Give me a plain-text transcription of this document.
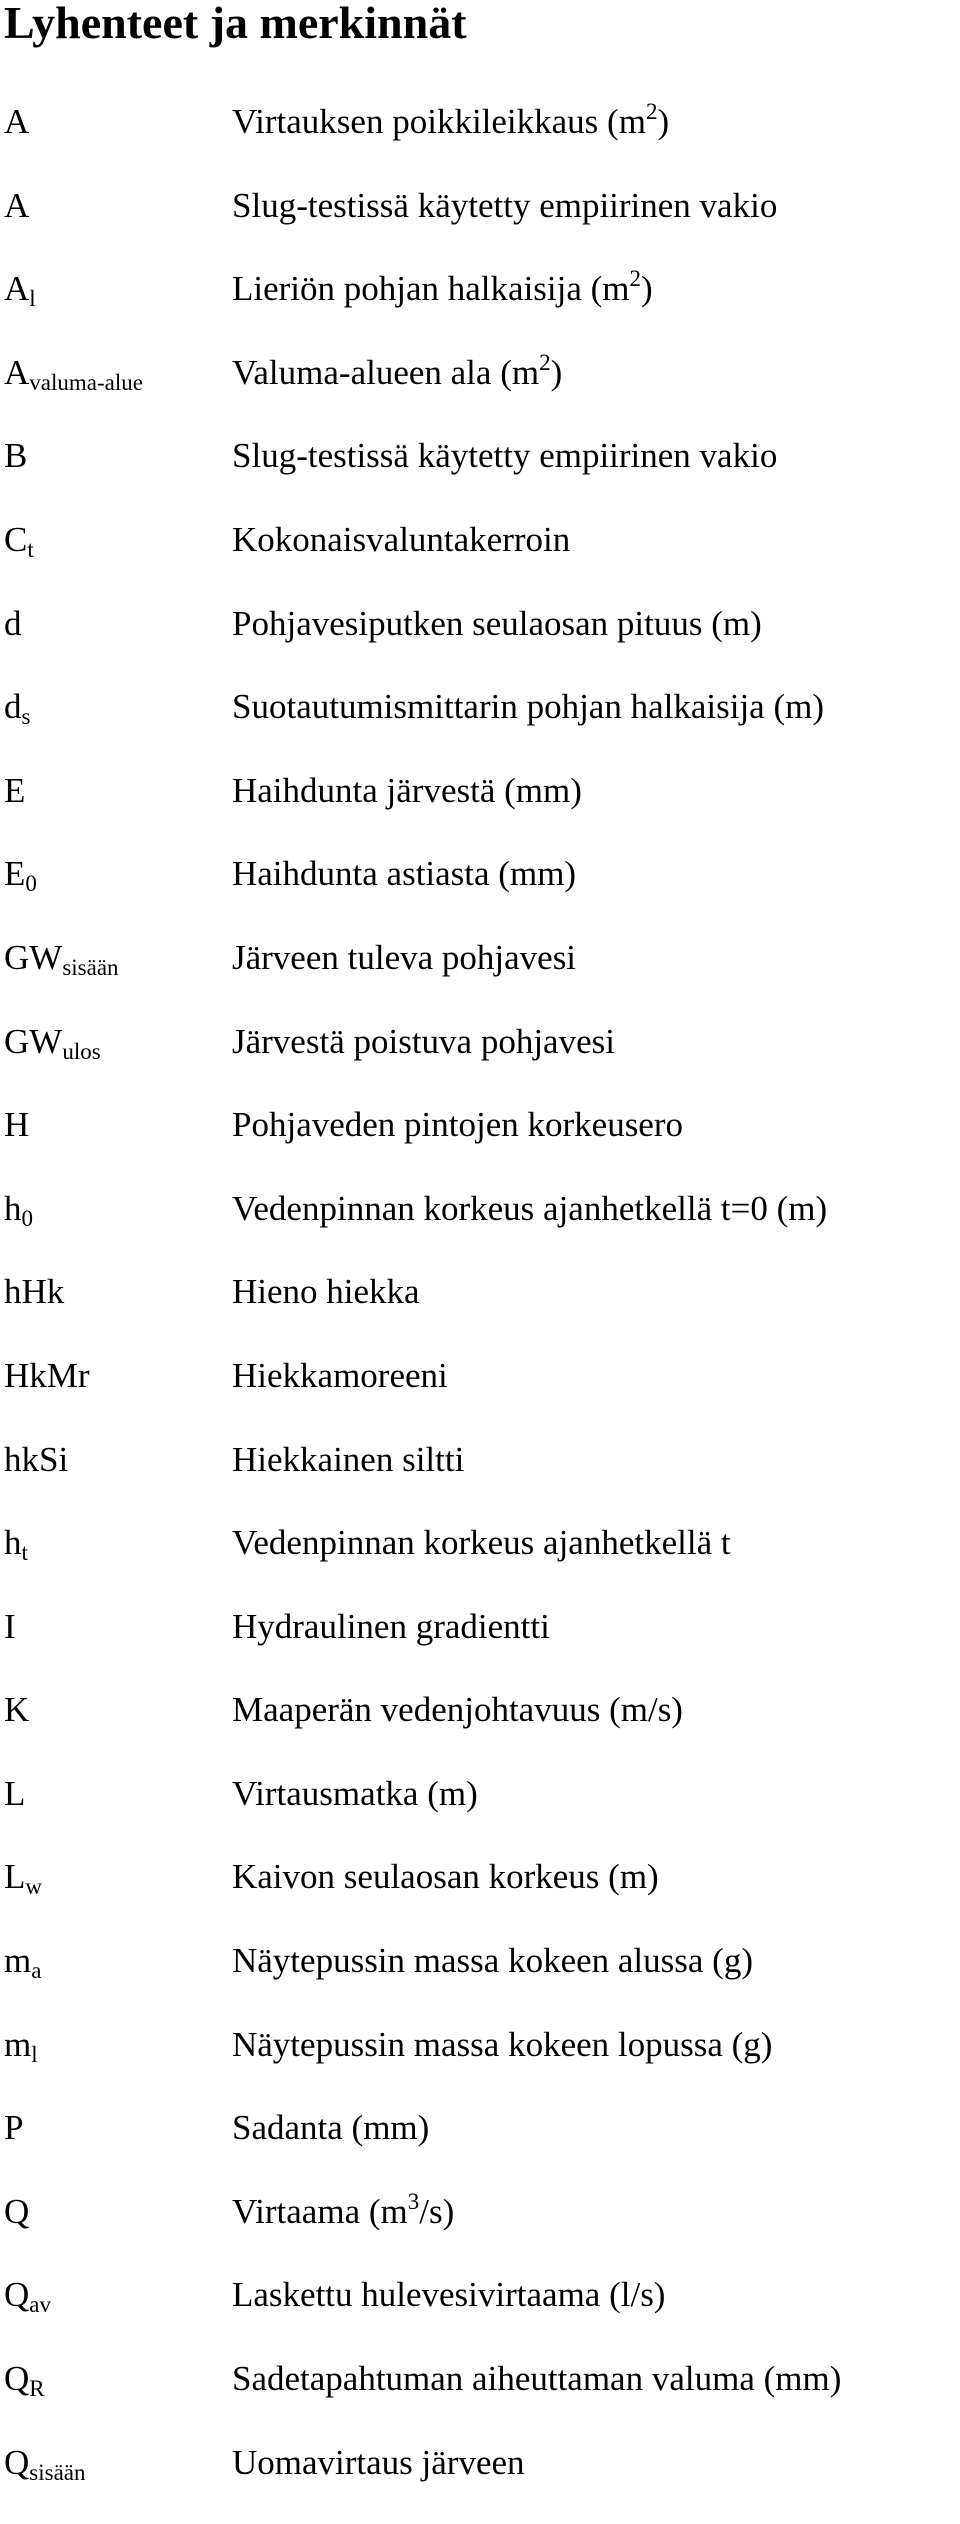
Lyhenteet ja merkinnät
A	Virtauksen poikkileikkaus $(m^2)$
A	Slug-testissä käytetty empiirinen vakio
$A_l$	Lieriön pohjan halkaisija $(m^2)$
$A_{valuma-alue}$	Valuma-alueen ala $(m^2)$
B	Slug-testissä käytetty empiirinen vakio
$C_t$	Kokonaisvaluntakerroin
d	Pohjavesiputken seulaosan pituus (m)
$d_s$	Suotautumismittarin pohjan halkaisija (m)
E	Haihdunta järvestä (mm)
$E_0$	Haihdunta astiasta (mm)
$GW_{sisään}$	Järveen tuleva pohjavesi
$GW_{ulos}$	Järvestä poistuva pohjavesi
H	Pohjaveden pintojen korkeusero
$h_0$	Vedenpinnan korkeus ajanhetkellä t=0 (m)
hHk	Hieno hiekka
HkMr	Hiekkamoreeni
hkSi	Hiekkainen siltti
$h_t$	Vedenpinnan korkeus ajanhetkellä t
I	Hydraulinen gradientti
K	Maaperän vedenjohtavuus (m/s)
L	Virtausmatka (m)
$L_w$	Kaivon seulaosan korkeus (m)
$m_a$	Näytepussin massa kokeen alussa (g)
$m_l$	Näytepussin massa kokeen lopussa (g)
P	Sadanta (mm)
Q	Virtaama $(m^3/s)$
$Q_{av}$	Laskettu hulevesivirtaama (l/s)
$Q_R$	Sadetapahtuman aiheuttaman valuma (mm)
$Q_{sisään}$	Uomavirtaus järveen
